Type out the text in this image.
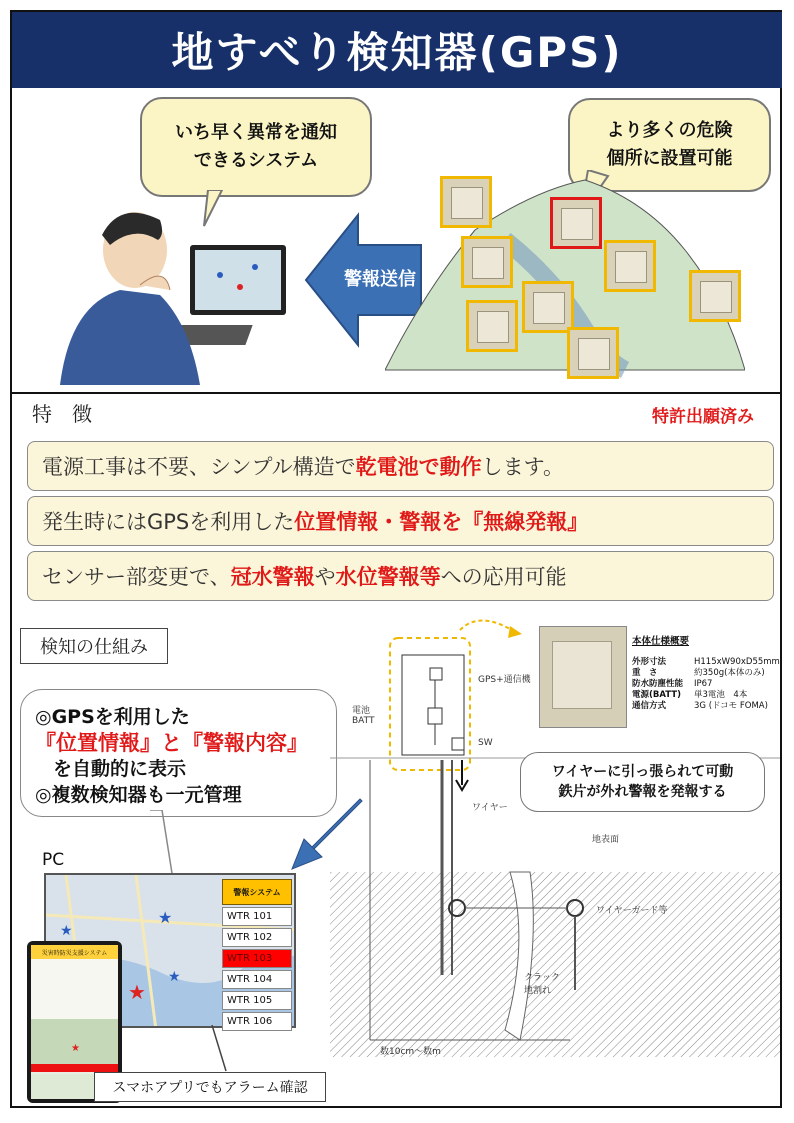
地すべり検知器(GPS)
いち早く異常を通知
できるシステム
より多くの危険
個所に設置可能
警報送信
特　徴	特許出願済み
電源工事は不要、シンプル構造で 乾電池で動作 します。
発生時にはGPSを利用した 位置情報・警報を『無線発報』
センサー部変更で、 冠水警報 や 水位警報等 への応用可能
検知の仕組み
◎GPSを利用した
『位置情報』と『警報内容』
を自動的に表示
◎複数検知器も一元管理
PC
★
★
★
★
警報システム
WTR 101
WTR 102
WTR 103
WTR 104
WTR 105
WTR 106
災害時防災支援システム
★
スマホアプリでもアラーム確認
本体仕様概要
外形寸法	H115xW90xD55mm
重　さ	約350g(本体のみ)
防水防塵性能	IP67
電源(BATT)	単3電池　4本
通信方式	3G (ドコモ FOMA)
GPS+通信機
電池
BATT
SW
ワイヤー
地表面
ワイヤーガード等
クラック
地割れ
数10cm～数m
ワイヤーに引っ張られて可動
鉄片が外れ警報を発報する
